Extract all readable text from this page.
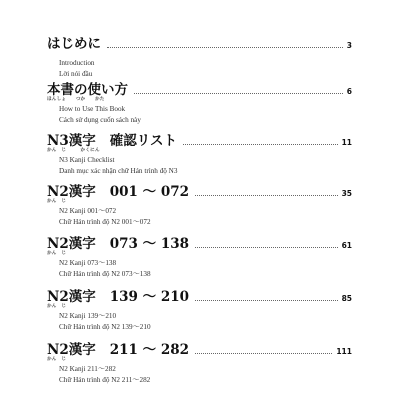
はじめに	3
Introduction
Lời nói đầu
本書の使い方
ほんしょ　　つか　　かた
6
How to Use This Book
Cách sử dụng cuốn sách này
N3漢字 確認リスト
かん　じ　　　かくにん
11
N3 Kanji Checklist
Danh mục xác nhận chữ Hán trình độ N3
N2漢字 001 ～ 072
かん　じ
35
N2 Kanji 001～072
Chữ Hán trình độ N2 001～072
N2漢字 073 ～ 138
かん　じ
61
N2 Kanji 073～138
Chữ Hán trình độ N2 073～138
N2漢字 139 ～ 210
かん　じ
85
N2 Kanji 139～210
Chữ Hán trình độ N2 139～210
N2漢字 211 ～ 282
かん　じ
111
N2 Kanji 211～282
Chữ Hán trình độ N2 211～282
